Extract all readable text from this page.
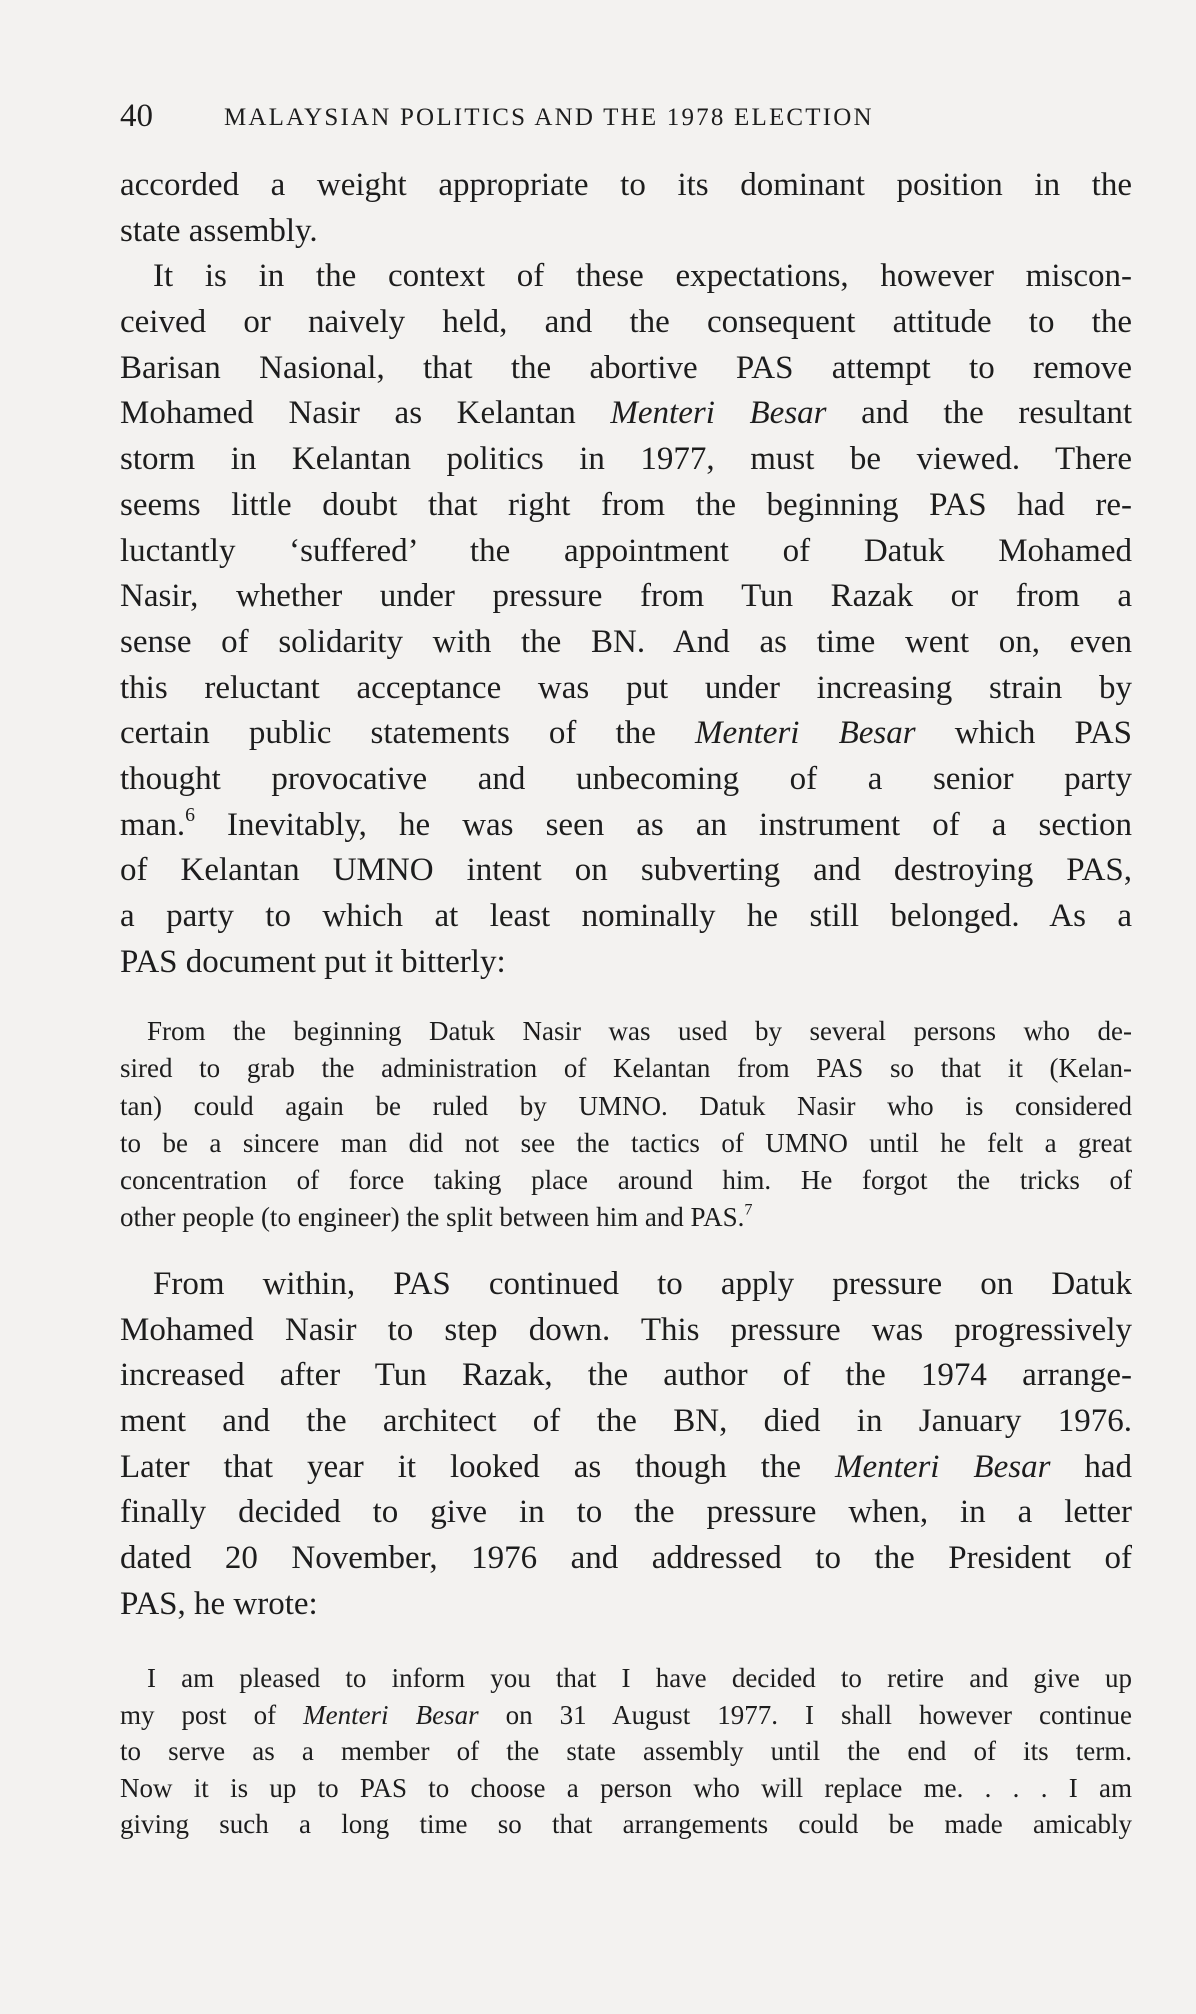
40	MALAYSIAN POLITICS AND THE 1978 ELECTION
accorded a weight appropriate to its dominant position in the
state assembly.
 It is in the context of these expectations, however miscon-
ceived or naively held, and the consequent attitude to the
Barisan Nasional, that the abortive PAS attempt to remove
Mohamed Nasir as Kelantan Menteri Besar and the resultant
storm in Kelantan politics in 1977, must be viewed. There
seems little doubt that right from the beginning PAS had re-
luctantly ‘suffered’ the appointment of Datuk Mohamed
Nasir, whether under pressure from Tun Razak or from a
sense of solidarity with the BN. And as time went on, even
this reluctant acceptance was put under increasing strain by
certain public statements of the Menteri Besar which PAS
thought provocative and unbecoming of a senior party
man.$^6$ Inevitably, he was seen as an instrument of a section
of Kelantan UMNO intent on subverting and destroying PAS,
a party to which at least nominally he still belonged. As a
PAS document put it bitterly:
 From the beginning Datuk Nasir was used by several persons who de-
sired to grab the administration of Kelantan from PAS so that it (Kelan-
tan) could again be ruled by UMNO. Datuk Nasir who is considered
to be a sincere man did not see the tactics of UMNO until he felt a great
concentration of force taking place around him. He forgot the tricks of
other people (to engineer) the split between him and PAS.$^7$
 From within, PAS continued to apply pressure on Datuk
Mohamed Nasir to step down. This pressure was progressively
increased after Tun Razak, the author of the 1974 arrange-
ment and the architect of the BN, died in January 1976.
Later that year it looked as though the Menteri Besar had
finally decided to give in to the pressure when, in a letter
dated 20 November, 1976 and addressed to the President of
PAS, he wrote:
 I am pleased to inform you that I have decided to retire and give up
my post of Menteri Besar on 31 August 1977. I shall however continue
to serve as a member of the state assembly until the end of its term.
Now it is up to PAS to choose a person who will replace me. . . . I am
giving such a long time so that arrangements could be made amicably
